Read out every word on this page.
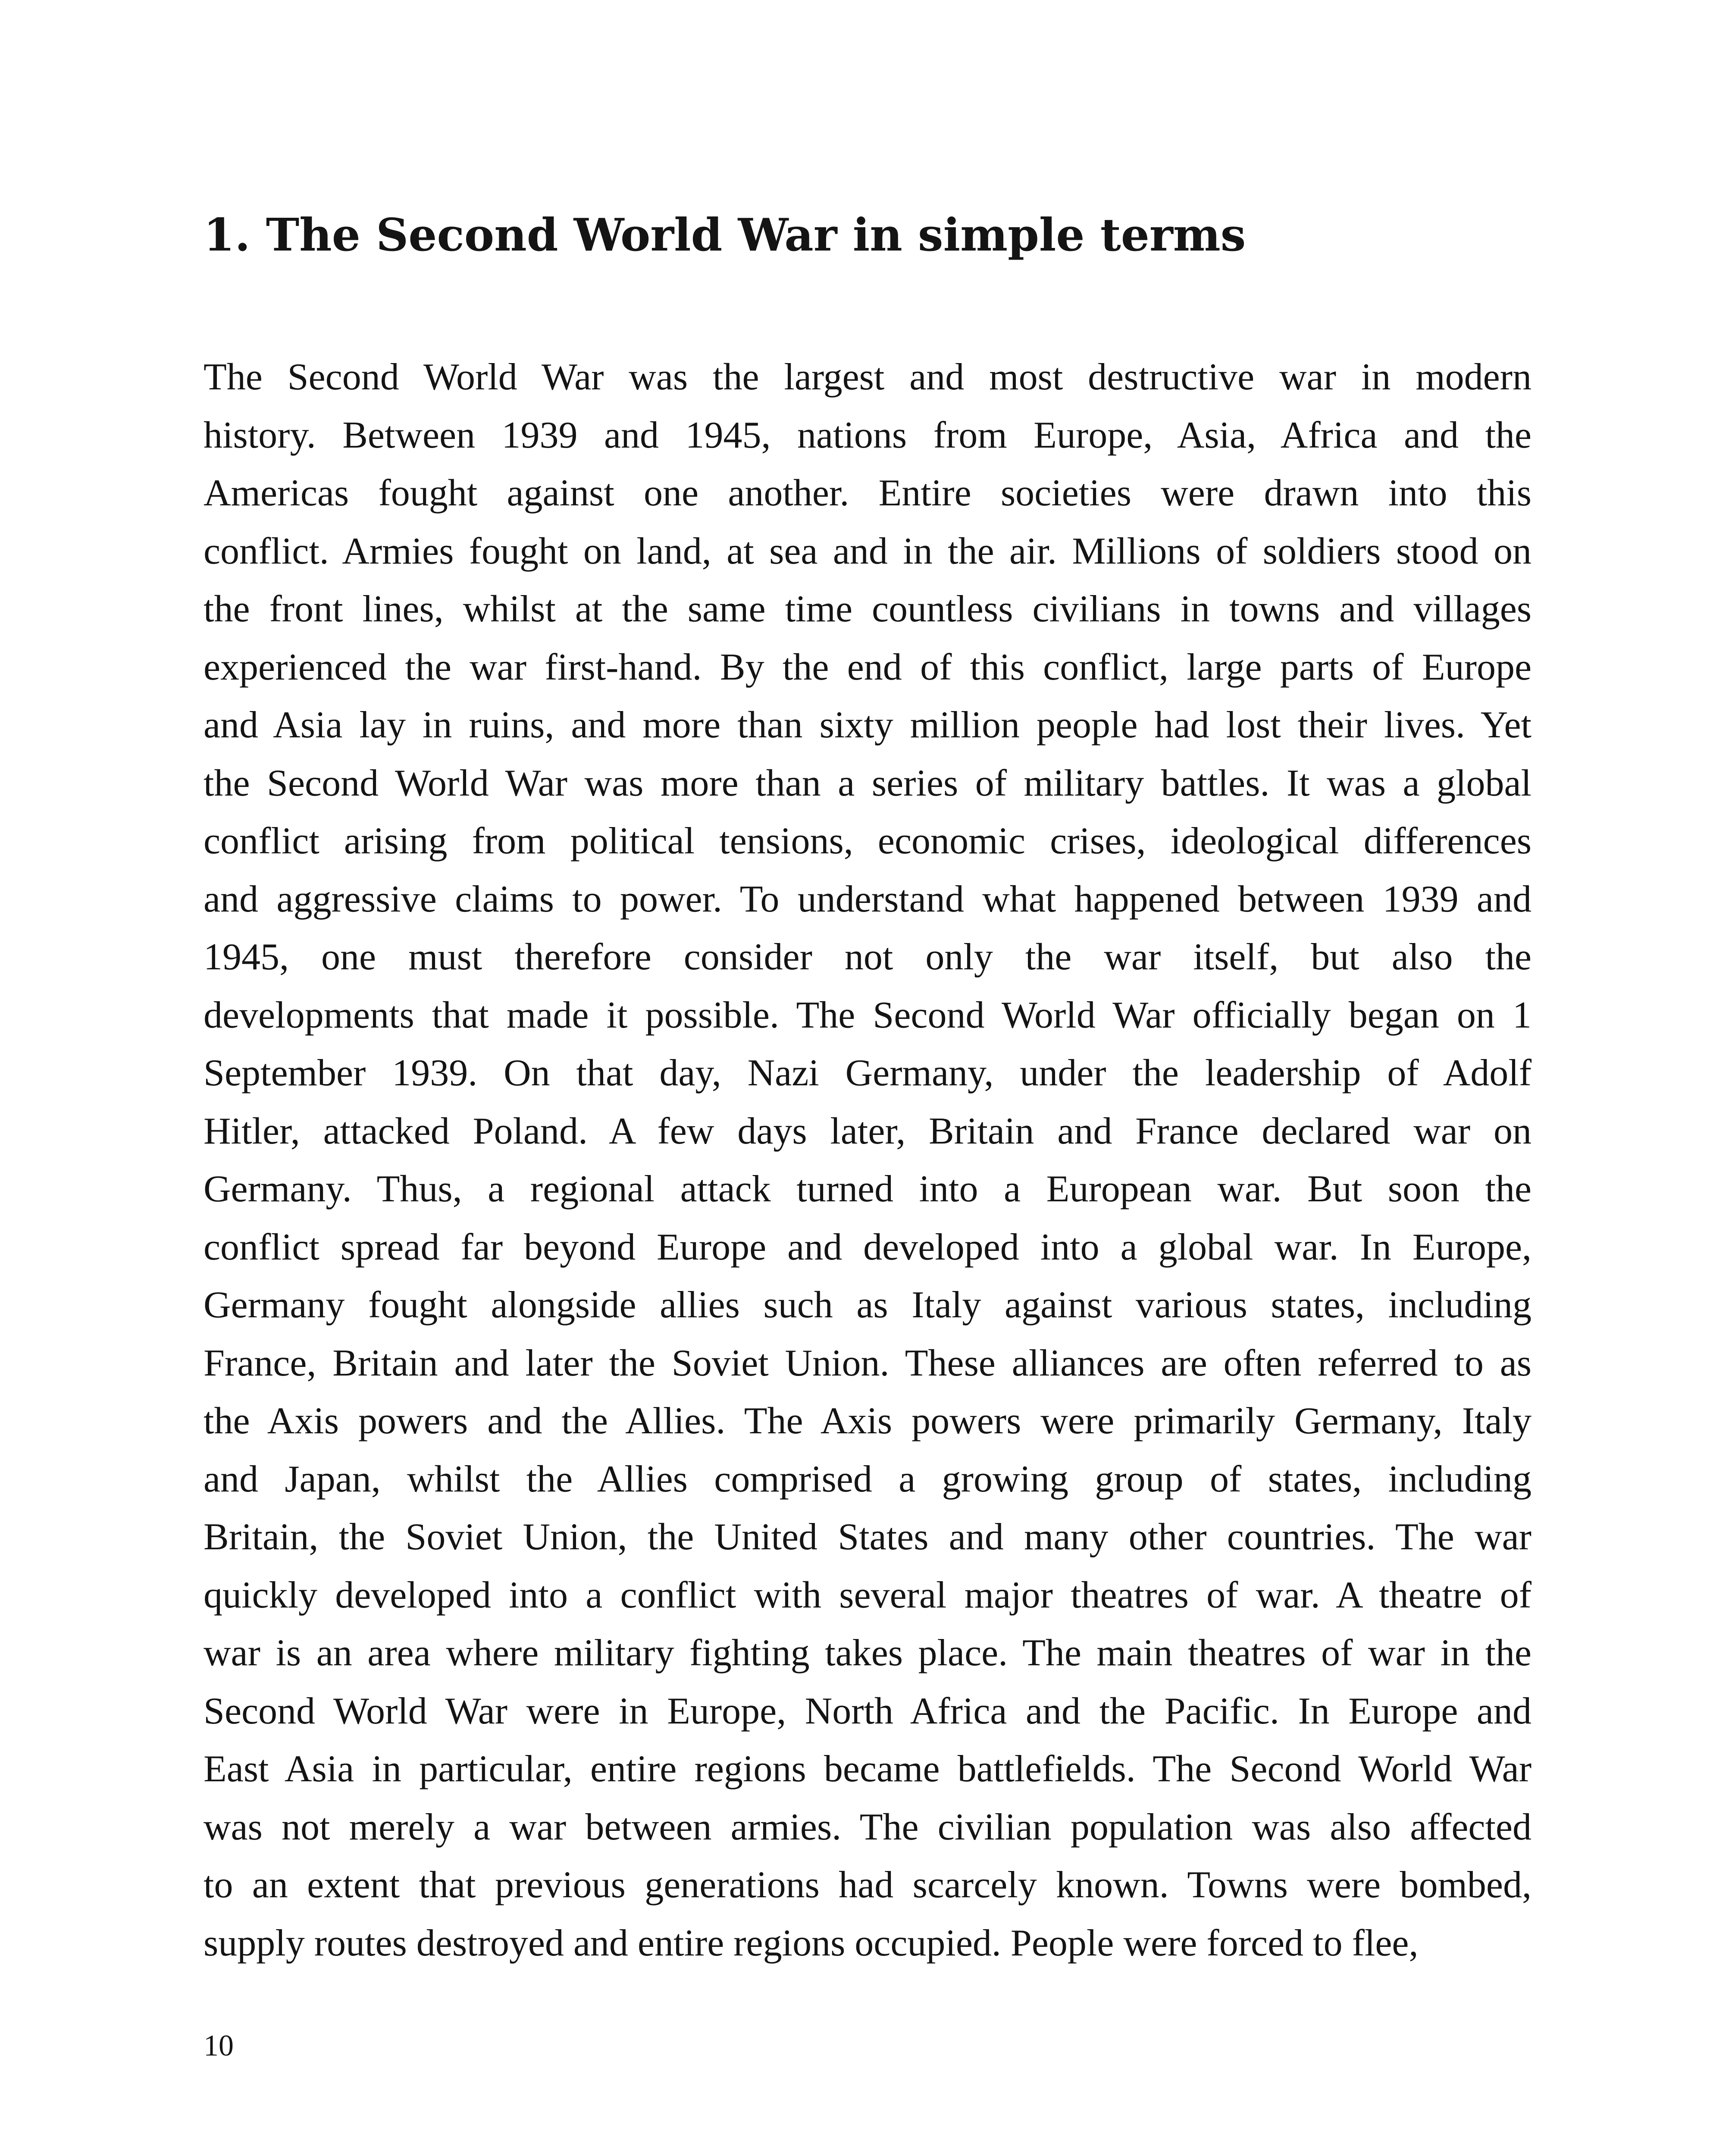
1. The Second World War in simple terms
The Second World War was the largest and most destructive war in modern
history. Between 1939 and 1945, nations from Europe, Asia, Africa and the
Americas fought against one another. Entire societies were drawn into this
conflict. Armies fought on land, at sea and in the air. Millions of soldiers stood on
the front lines, whilst at the same time countless civilians in towns and villages
experienced the war first-hand. By the end of this conflict, large parts of Europe
and Asia lay in ruins, and more than sixty million people had lost their lives. Yet
the Second World War was more than a series of military battles. It was a global
conflict arising from political tensions, economic crises, ideological differences
and aggressive claims to power. To understand what happened between 1939 and
1945, one must therefore consider not only the war itself, but also the
developments that made it possible. The Second World War officially began on 1
September 1939. On that day, Nazi Germany, under the leadership of Adolf
Hitler, attacked Poland. A few days later, Britain and France declared war on
Germany. Thus, a regional attack turned into a European war. But soon the
conflict spread far beyond Europe and developed into a global war. In Europe,
Germany fought alongside allies such as Italy against various states, including
France, Britain and later the Soviet Union. These alliances are often referred to as
the Axis powers and the Allies. The Axis powers were primarily Germany, Italy
and Japan, whilst the Allies comprised a growing group of states, including
Britain, the Soviet Union, the United States and many other countries. The war
quickly developed into a conflict with several major theatres of war. A theatre of
war is an area where military fighting takes place. The main theatres of war in the
Second World War were in Europe, North Africa and the Pacific. In Europe and
East Asia in particular, entire regions became battlefields. The Second World War
was not merely a war between armies. The civilian population was also affected
to an extent that previous generations had scarcely known. Towns were bombed,
supply routes destroyed and entire regions occupied. People were forced to flee,
10
